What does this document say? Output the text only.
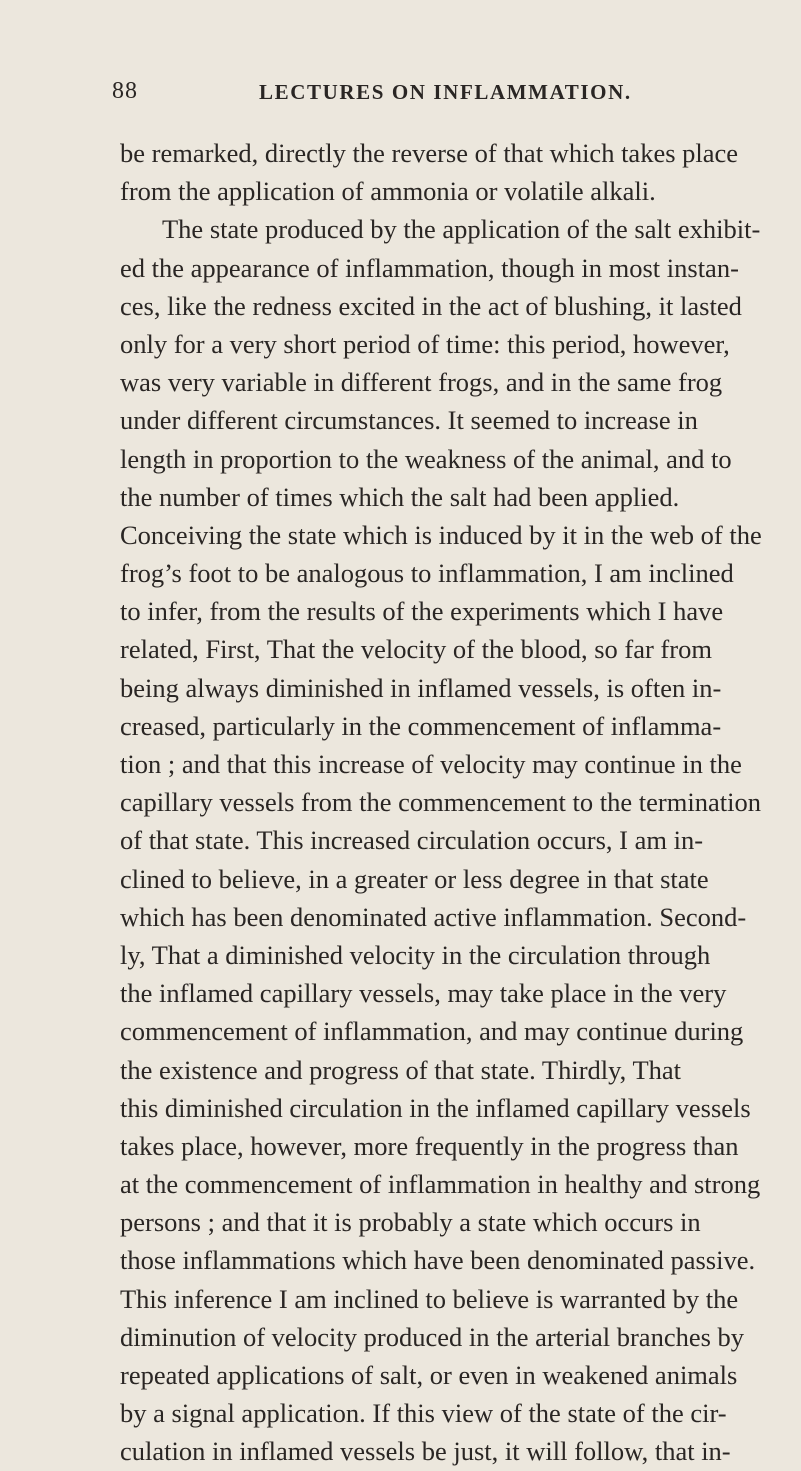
88	LECTURES ON INFLAMMATION.
be remarked, directly the reverse of that which takes place
from the application of ammonia or volatile alkali.
The state produced by the application of the salt exhibit-
ed the appearance of inflammation, though in most instan-
ces, like the redness excited in the act of blushing, it lasted
only for a very short period of time: this period, however,
was very variable in different frogs, and in the same frog
under different circumstances. It seemed to increase in
length in proportion to the weakness of the animal, and to
the number of times which the salt had been applied.
Conceiving the state which is induced by it in the web of the
frog’s foot to be analogous to inflammation, I am inclined
to infer, from the results of the experiments which I have
related, First, That the velocity of the blood, so far from
being always diminished in inflamed vessels, is often in-
creased, particularly in the commencement of inflamma-
tion ; and that this increase of velocity may continue in the
capillary vessels from the commencement to the termination
of that state. This increased circulation occurs, I am in-
clined to believe, in a greater or less degree in that state
which has been denominated active inflammation. Second-
ly, That a diminished velocity in the circulation through
the inflamed capillary vessels, may take place in the very
commencement of inflammation, and may continue during
the existence and progress of that state. Thirdly, That
this diminished circulation in the inflamed capillary vessels
takes place, however, more frequently in the progress than
at the commencement of inflammation in healthy and strong
persons ; and that it is probably a state which occurs in
those inflammations which have been denominated passive.
This inference I am inclined to believe is warranted by the
diminution of velocity produced in the arterial branches by
repeated applications of salt, or even in weakened animals
by a signal application. If this view of the state of the cir-
culation in inflamed vessels be just, it will follow, that in-
